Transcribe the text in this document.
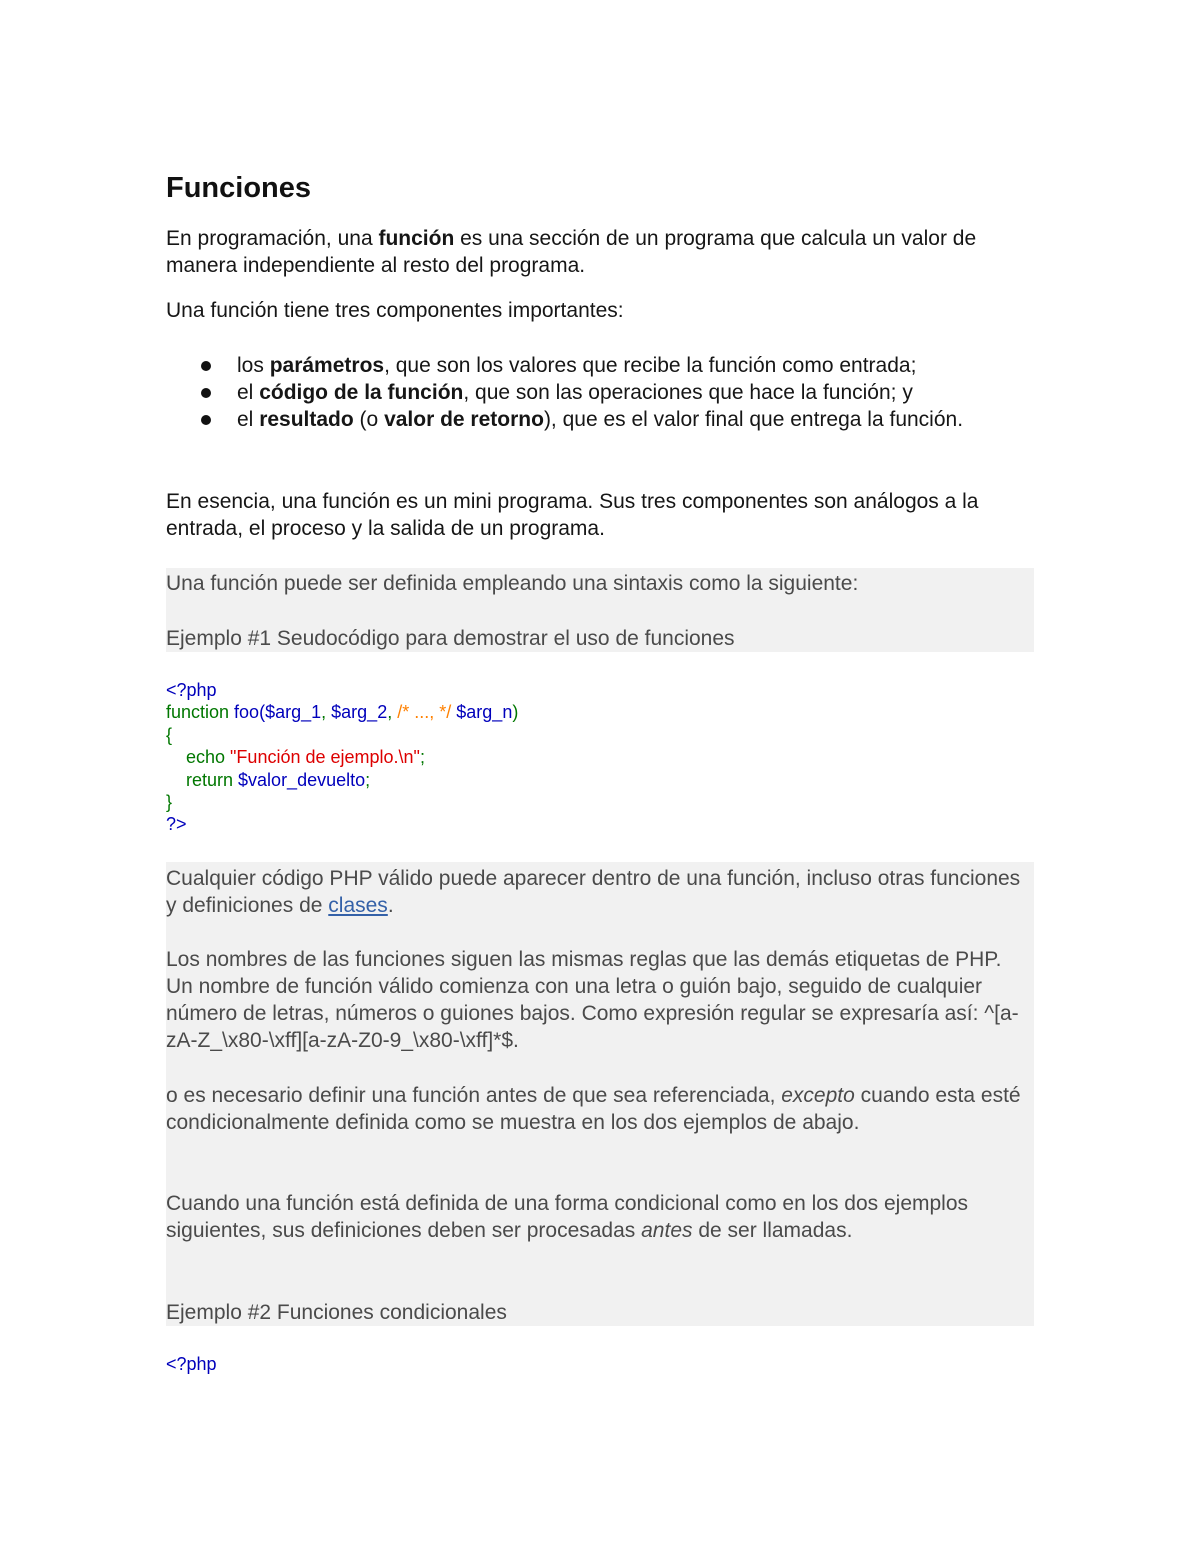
Funciones

En programación, una función es una sección de un programa que calcula un valor de manera independiente al resto del programa.

Una función tiene tres componentes importantes:

los parámetros, que son los valores que recibe la función como entrada;
el código de la función, que son las operaciones que hace la función; y
el resultado (o valor de retorno), que es el valor final que entrega la función.

En esencia, una función es un mini programa. Sus tres componentes son análogos a la entrada, el proceso y la salida de un programa.

Una función puede ser definida empleando una sintaxis como la siguiente:

Ejemplo #1 Seudocódigo para demostrar el uso de funciones

<?php
function foo($arg_1, $arg_2, /* ..., */ $arg_n)
{
echo "Función de ejemplo.\n";
return $valor_devuelto;
}
?>

Cualquier código PHP válido puede aparecer dentro de una función, incluso otras funciones y definiciones de clases.

Los nombres de las funciones siguen las mismas reglas que las demás etiquetas de PHP. Un nombre de función válido comienza con una letra o guión bajo, seguido de cualquier número de letras, números o guiones bajos. Como expresión regular se expresaría así: ^[a-zA-Z_\x80-\xff][a-zA-Z0-9_\x80-\xff]*$.

o es necesario definir una función antes de que sea referenciada, excepto cuando esta esté condicionalmente definida como se muestra en los dos ejemplos de abajo.

Cuando una función está definida de una forma condicional como en los dos ejemplos siguientes, sus definiciones deben ser procesadas antes de ser llamadas.

Ejemplo #2 Funciones condicionales

<?php
